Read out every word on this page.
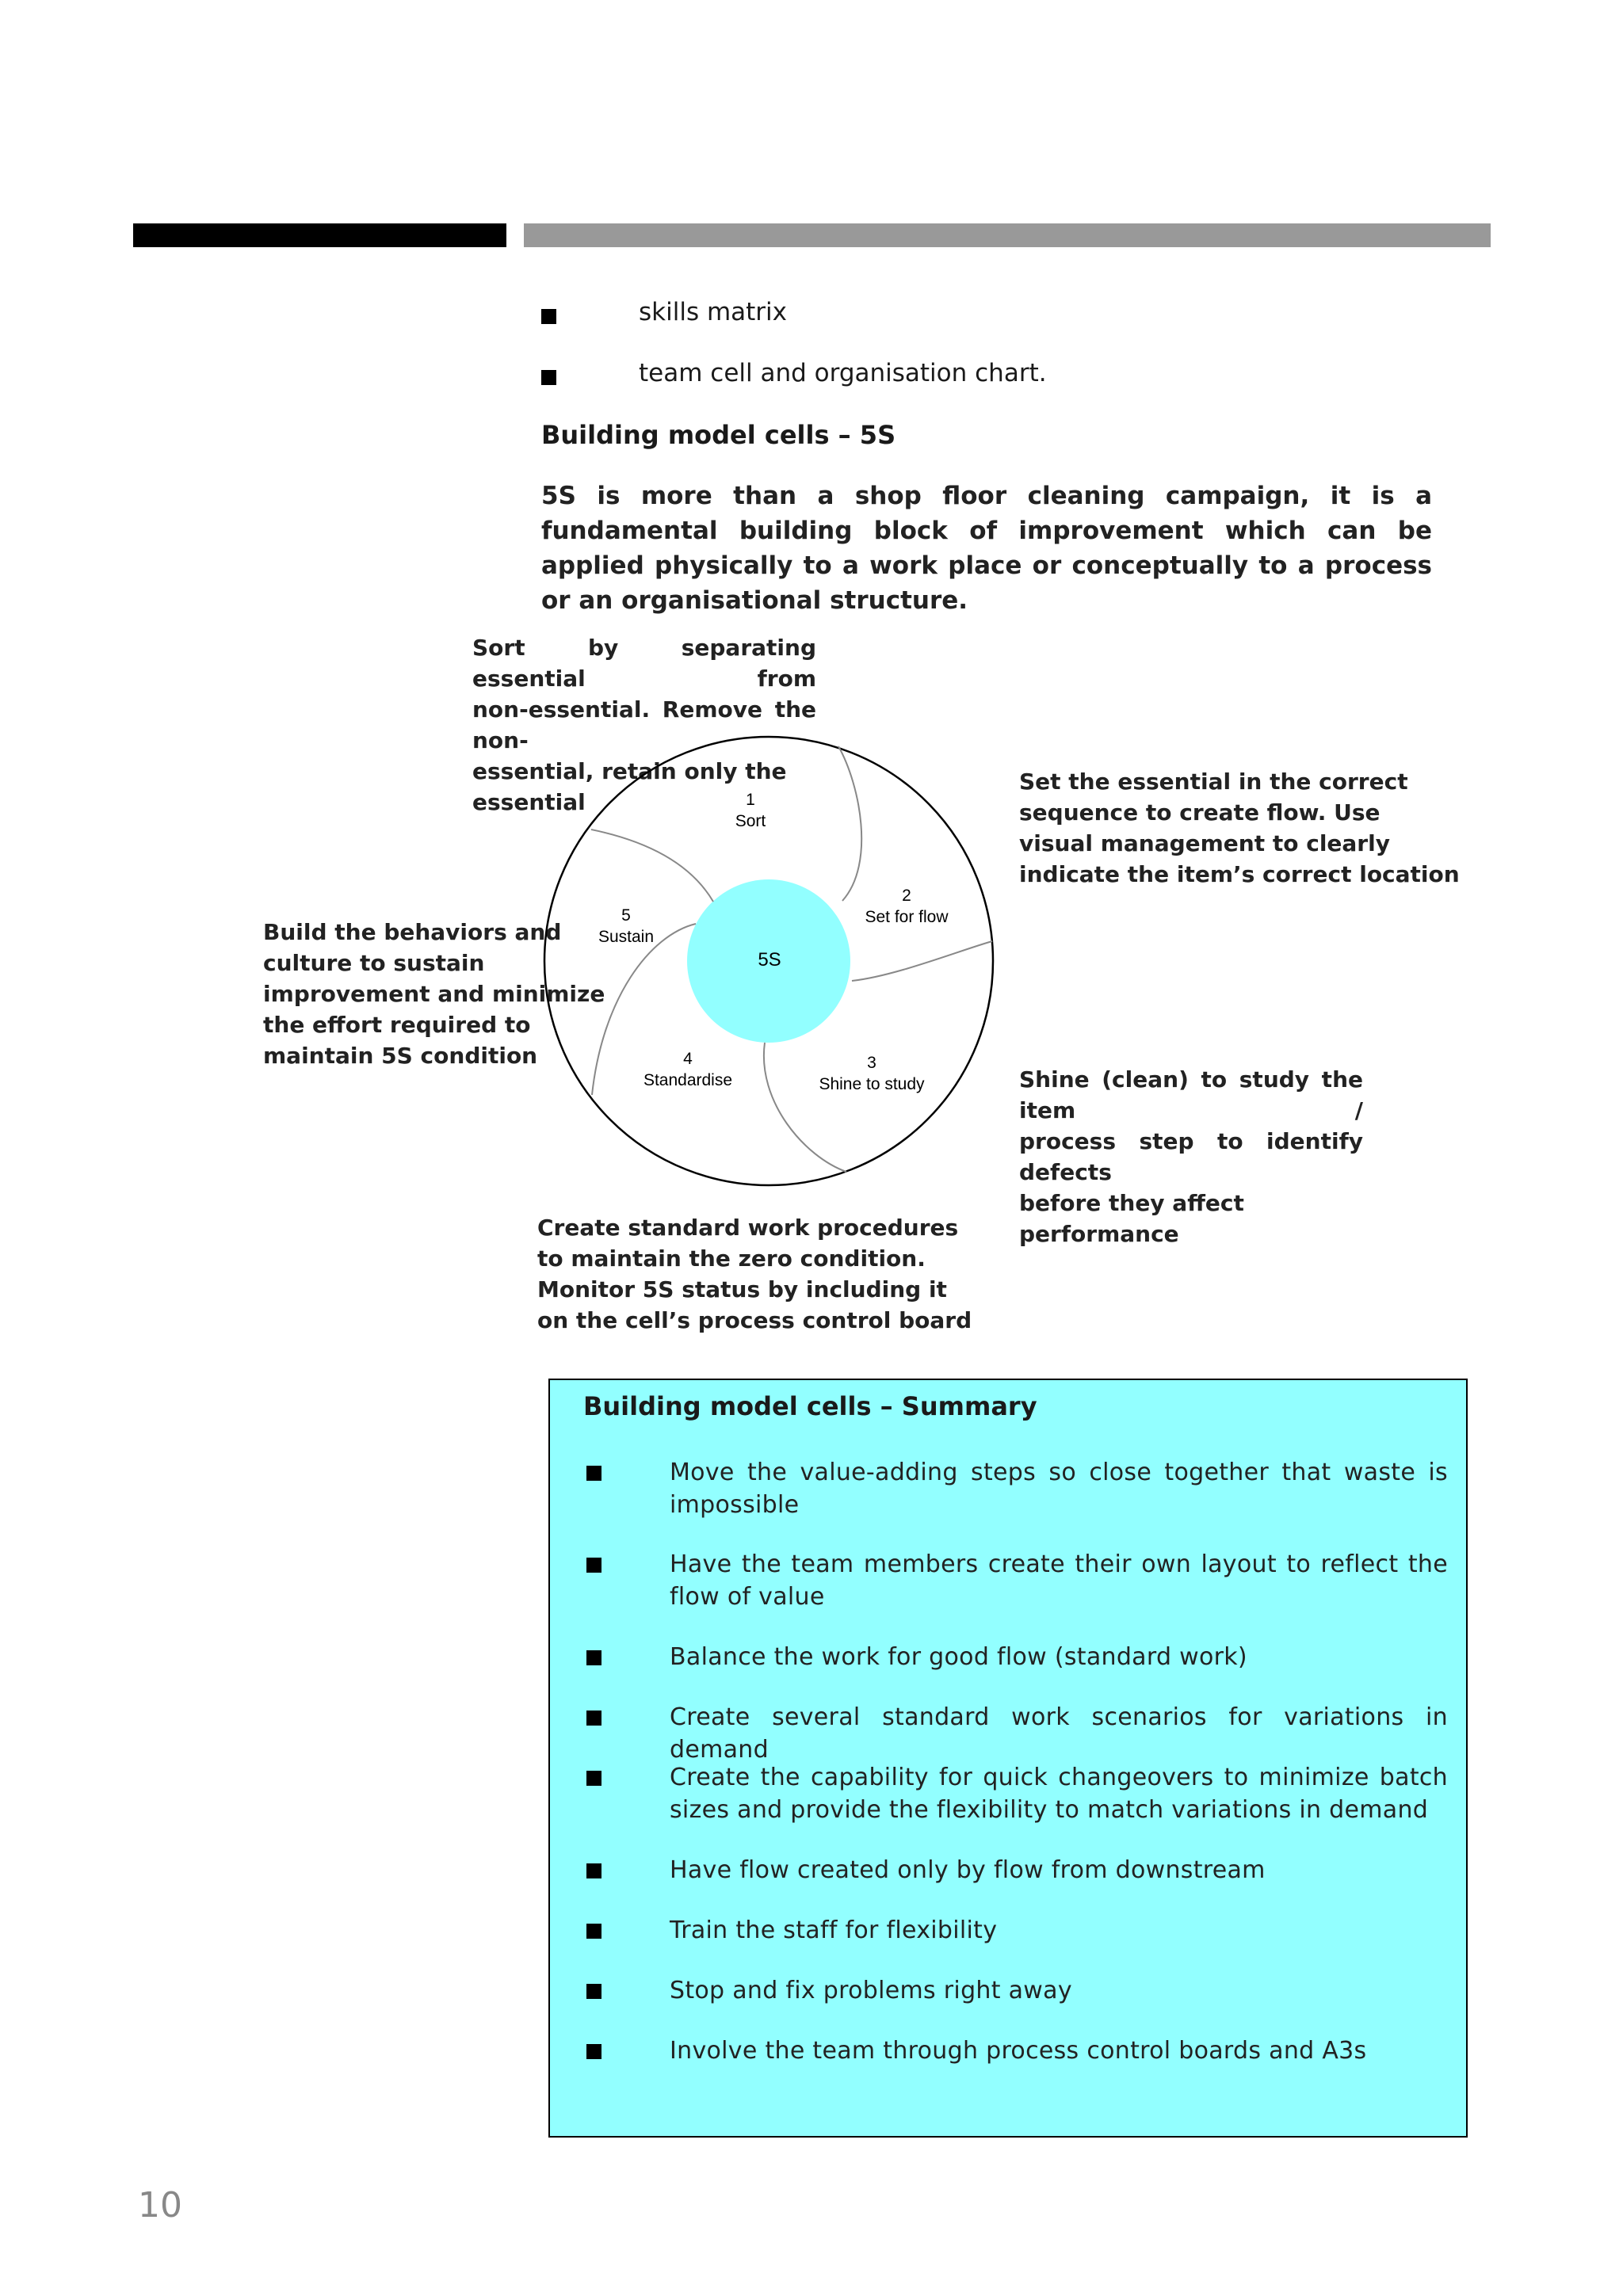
skills matrix
team cell and organisation chart.
Building model cells – 5S
5S is more than a shop floor cleaning campaign, it is a fundamental building block of improvement which can be applied physically to a work place or conceptually to a process or an organisational structure.
Sort by separating essential from
non-essential. Remove the non-
essential, retain only the essential
Set the essential in the correct
sequence to create flow. Use
visual management to clearly
indicate the item’s correct location
Shine (clean) to study the item /
process step to identify defects
before they affect performance
Create standard work procedures
to maintain the zero condition.
Monitor 5S status by including it
on the cell’s process control board
Build the behaviors and
culture to sustain
improvement and minimize
the effort required to
maintain 5S condition
1
Sort
2
Set for flow
3
Shine to study
4
Standardise
5
Sustain
5S
Building model cells – Summary
Move the value-adding steps so close together that waste is impossible
Have the team members create their own layout to reflect the flow of value
Balance the work for good flow (standard work)
Create several standard work scenarios for variations in demand
Create the capability for quick changeovers to minimize batch sizes and provide the flexibility to match variations in demand
Have flow created only by flow from downstream
Train the staff for flexibility
Stop and fix problems right away
Involve the team through process control boards and A3s
10
